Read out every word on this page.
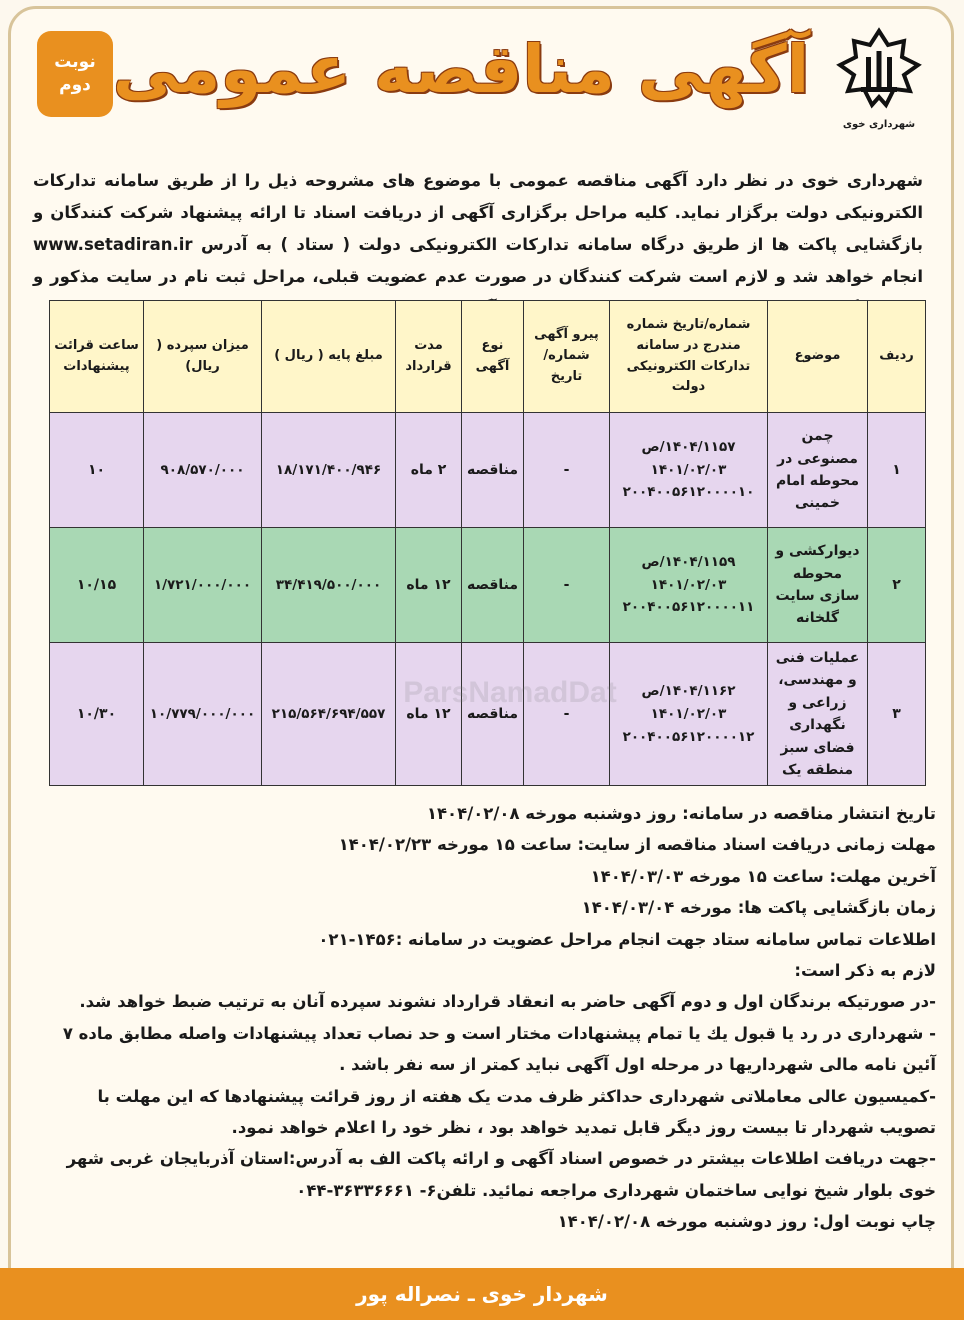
شهرداری خوی
آگهی مناقصه عمومی
نوبت
دوم

شهرداری خوی در نظر دارد آگهی مناقصه عمومی با موضوع های مشروحه ذیل را از طریق سامانه تدارکات الکترونیکی دولت برگزار نماید. کلیه مراحل برگزاری آگهی از دریافت اسناد تا ارائه پیشنهاد شرکت کنندگان و بازگشایی پاکت ها از طریق درگاه سامانه تدارکات الکترونیکی دولت ( ستاد ) به آدرس www.setadiran.ir انجام خواهد شد و لازم است شرکت کنندگان در صورت عدم عضویت قبلی، مراحل ثبت نام در سایت مذکور و دریافت گواهی امضای الکترونیکی را جهت شرکت در آگهی محقق سازند.

ردیف	موضوع	شماره/تاریخ شماره مندرج در سامانه تدارکات الکترونیکی دولت	پیرو آگهی شماره/تاریخ	نوع آگهی	مدت قرارداد	مبلغ پایه ( ریال )	میزان سپرده ( ریال)	ساعت قرائت پیشنهادات
۱	چمن مصنوعی در محوطه امام خمینی	۱۴۰۴/۱۱۵۷/ص
۱۴۰۱/۰۲/۰۳
۲۰۰۴۰۰۵۶۱۲۰۰۰۰۱۰	-	مناقصه	۲ ماه	۱۸/۱۷۱/۴۰۰/۹۴۶	۹۰۸/۵۷۰/۰۰۰	۱۰
۲	دیوارکشی و محوطه سازی سایت گلخانه	۱۴۰۴/۱۱۵۹/ص
۱۴۰۱/۰۲/۰۳
۲۰۰۴۰۰۵۶۱۲۰۰۰۰۱۱	-	مناقصه	۱۲ ماه	۳۴/۴۱۹/۵۰۰/۰۰۰	۱/۷۲۱/۰۰۰/۰۰۰	۱۰/۱۵
۳	عملیات فنی و مهندسی، زراعی و نگهداری فضای سبز منطقه یک	۱۴۰۴/۱۱۶۲/ص
۱۴۰۱/۰۲/۰۳
۲۰۰۴۰۰۵۶۱۲۰۰۰۰۱۲	-	مناقصه	۱۲ ماه	۲۱۵/۵۶۴/۶۹۴/۵۵۷	۱۰/۷۷۹/۰۰۰/۰۰۰	۱۰/۳۰

تاریخ انتشار مناقصه در سامانه: روز دوشنبه مورخه ۱۴۰۴/۰۲/۰۸

مهلت زمانی دریافت اسناد مناقصه از سایت: ساعت ۱۵ مورخه ۱۴۰۴/۰۲/۲۳

آخرین مهلت: ساعت ۱۵ مورخه ۱۴۰۴/۰۳/۰۳

زمان بازگشایی پاکت ها: مورخه ۱۴۰۴/۰۳/۰۴

اطلاعات تماس سامانه ستاد جهت انجام مراحل عضویت در سامانه :۱۴۵۶-۰۲۱

لازم به ذکر است:

-در صورتیکه برندگان اول و دوم آگهی حاضر به انعقاد قرارداد نشوند سپرده آنان به ترتیب ضبط خواهد شد.

- شهرداری در رد یا قبول یك یا تمام پیشنهادات مختار است و حد نصاب تعداد پیشنهادات واصله مطابق ماده ۷ آئین نامه مالی شهرداریها در مرحله اول آگهی نباید کمتر از سه نفر باشد .

-کمیسیون عالی معاملاتی شهرداری حداکثر ظرف مدت یک هفته از روز قرائت پیشنهادها که این مهلت با تصویب شهردار تا بیست روز دیگر قابل تمدید خواهد بود ، نظر خود را اعلام خواهد نمود.

-جهت دریافت اطلاعات بیشتر در خصوص اسناد آگهی و ارائه پاکت الف به آدرس:استان آذربایجان غربی شهر خوی بلوار شیخ نوایی ساختمان شهرداری مراجعه نمائید. تلفن۶- ۳۶۳۳۶۶۶۱-۰۴۴

چاپ نوبت اول: روز دوشنبه مورخه ۱۴۰۴/۰۲/۰۸

شهردار خوی ـ نصراله پور
